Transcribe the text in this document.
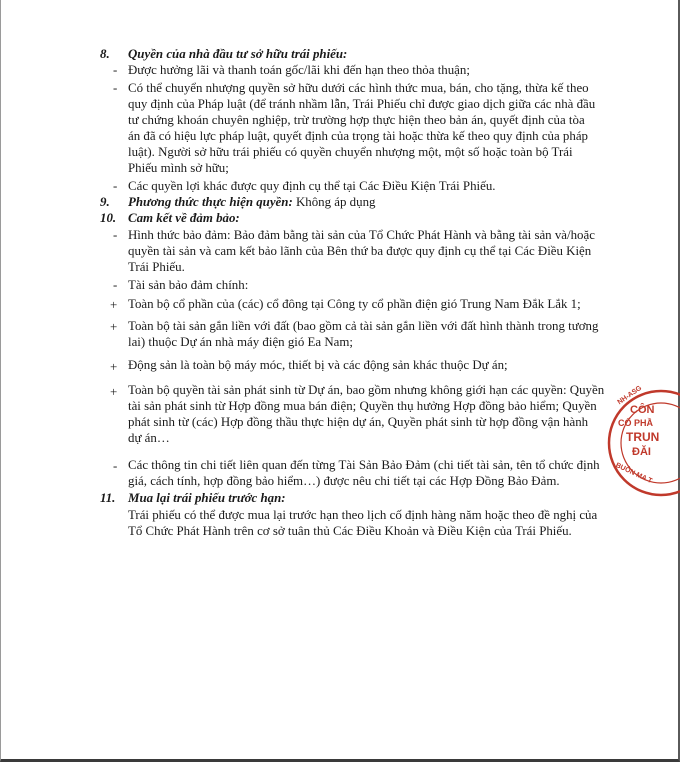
8. Quyền của nhà đầu tư sở hữu trái phiếu:
- Được hưởng lãi và thanh toán gốc/lãi khi đến hạn theo thỏa thuận;
- Có thể chuyển nhượng quyền sở hữu dưới các hình thức mua, bán, cho tặng, thừa kế theo
quy định của Pháp luật (để tránh nhầm lẫn, Trái Phiếu chỉ được giao dịch giữa các nhà đầu
tư chứng khoán chuyên nghiệp, trừ trường hợp thực hiện theo bản án, quyết định của tòa
án đã có hiệu lực pháp luật, quyết định của trọng tài hoặc thừa kế theo quy định của pháp
luật). Người sở hữu trái phiếu có quyền chuyển nhượng một, một số hoặc toàn bộ Trái
Phiếu mình sở hữu;
- Các quyền lợi khác được quy định cụ thể tại Các Điều Kiện Trái Phiếu.
9. Phương thức thực hiện quyền: Không áp dụng
10. Cam kết về đảm bảo:
- Hình thức bảo đảm: Bảo đảm bằng tài sản của Tổ Chức Phát Hành và bằng tài sản và/hoặc
quyền tài sản và cam kết bảo lãnh của Bên thứ ba được quy định cụ thể tại Các Điều Kiện
Trái Phiếu.
- Tài sản bảo đảm chính:
+ Toàn bộ cổ phần của (các) cổ đông tại Công ty cổ phần điện gió Trung Nam Đắk Lắk 1;
+ Toàn bộ tài sản gắn liền với đất (bao gồm cả tài sản gắn liền với đất hình thành trong tương
lai) thuộc Dự án nhà máy điện gió Ea Nam;
+ Động sản là toàn bộ máy móc, thiết bị và các động sản khác thuộc Dự án;
+ Toàn bộ quyền tài sản phát sinh từ Dự án, bao gồm nhưng không giới hạn các quyền: Quyền
tài sản phát sinh từ Hợp đồng mua bán điện; Quyền thụ hưởng Hợp đồng bảo hiểm; Quyền
phát sinh từ (các) Hợp đồng thầu thực hiện dự án, Quyền phát sinh từ hợp đồng vận hành
dự án…
- Các thông tin chi tiết liên quan đến từng Tài Sản Bảo Đảm (chi tiết tài sản, tên tổ chức định
giá, cách tính, hợp đồng bảo hiểm…) được nêu chi tiết tại các Hợp Đồng Bảo Đảm.
11. Mua lại trái phiếu trước hạn:
Trái phiếu có thể được mua lại trước hạn theo lịch cố định hàng năm hoặc theo đề nghị của
Tổ Chức Phát Hành trên cơ sở tuân thủ Các Điều Khoản và Điều Kiện của Trái Phiếu.
NH-ASG
CÔN
CỔ PHẦ
TRUN
ĐĂI
BUÔN MA T
